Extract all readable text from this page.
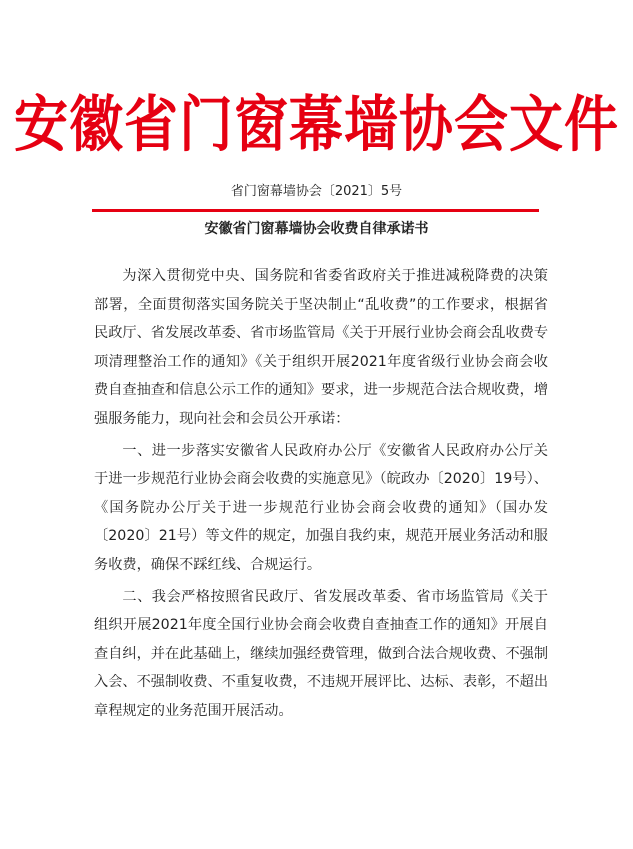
安徽省门窗幕墙协会文件
省门窗幕墙协会〔2021〕5号
安徽省门窗幕墙协会收费自律承诺书

为深入贯彻党中央、国务院和省委省政府关于推进减税降费的决策部署，全面贯彻落实国务院关于坚决制止“乱收费”的工作要求，根据省民政厅、省发展改革委、省市场监管局《关于开展行业协会商会乱收费专项清理整治工作的通知》《关于组织开展2021年度省级行业协会商会收费自查抽查和信息公示工作的通知》要求，进一步规范合法合规收费，增强服务能力，现向社会和会员公开承诺：

一、进一步落实安徽省人民政府办公厅《安徽省人民政府办公厅关于进一步规范行业协会商会收费的实施意见》（皖政办〔2020〕19号）、《国务院办公厅关于进一步规范行业协会商会收费的通知》（国办发〔2020〕21号）等文件的规定，加强自我约束，规范开展业务活动和服务收费，确保不踩红线、合规运行。

二、我会严格按照省民政厅、省发展改革委、省市场监管局《关于组织开展2021年度全国行业协会商会收费自查抽查工作的通知》开展自查自纠，并在此基础上，继续加强经费管理，做到合法合规收费、不强制入会、不强制收费、不重复收费，不违规开展评比、达标、表彰，不超出章程规定的业务范围开展活动。
